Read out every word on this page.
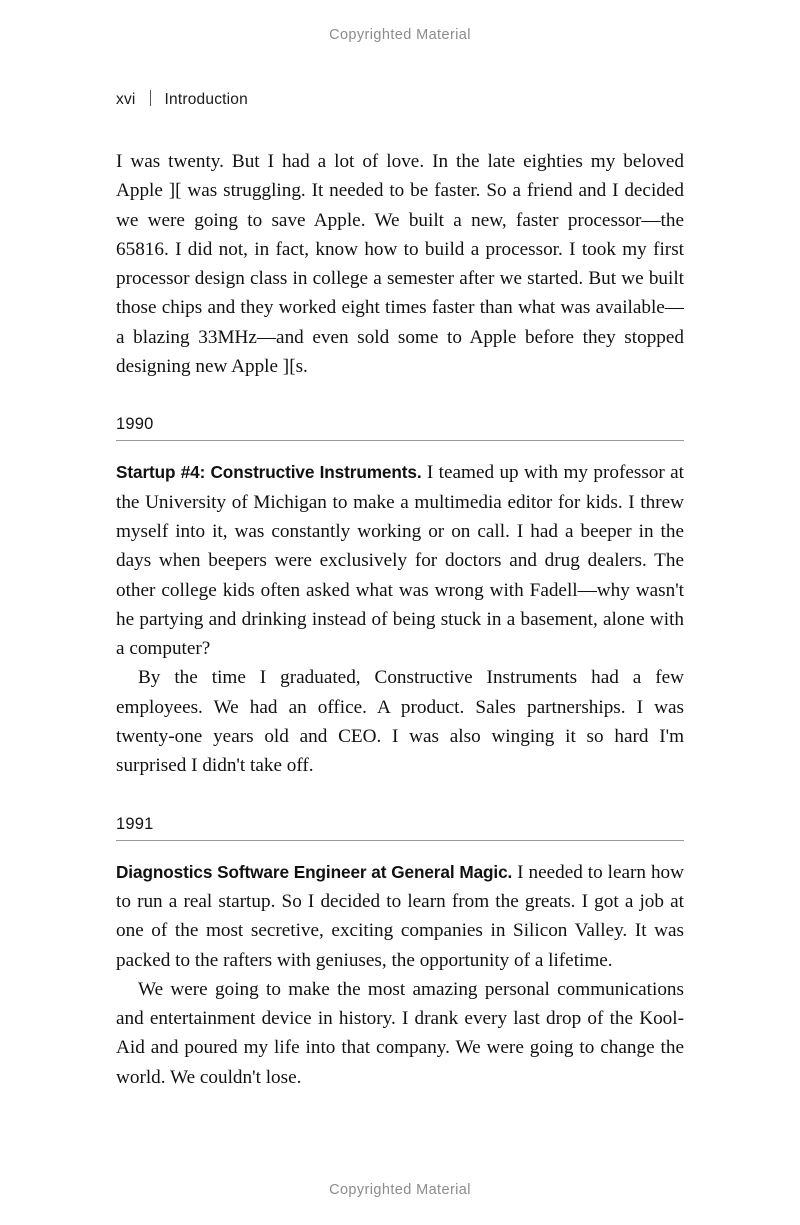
Copyrighted Material
xvi Introduction

I was twenty. But I had a lot of love. In the late eighties my beloved Apple ][ was struggling. It needed to be faster. So a friend and I decided we were going to save Apple. We built a new, faster processor—the 65816. I did not, in fact, know how to build a processor. I took my first processor design class in college a semester after we started. But we built those chips and they worked eight times faster than what was available—a blazing 33MHz—and even sold some to Apple before they stopped designing new Apple ][s.

1990

Startup #4: Constructive Instruments. I teamed up with my professor at the University of Michigan to make a multimedia editor for kids. I threw myself into it, was constantly working or on call. I had a beeper in the days when beepers were exclusively for doctors and drug dealers. The other college kids often asked what was wrong with Fadell—why wasn't he partying and drinking instead of being stuck in a basement, alone with a computer?

By the time I graduated, Constructive Instruments had a few employees. We had an office. A product. Sales partnerships. I was twenty-one years old and CEO. I was also winging it so hard I'm surprised I didn't take off.

1991

Diagnostics Software Engineer at General Magic. I needed to learn how to run a real startup. So I decided to learn from the greats. I got a job at one of the most secretive, exciting companies in Silicon Valley. It was packed to the rafters with geniuses, the opportunity of a lifetime.

We were going to make the most amazing personal communications and entertainment device in history. I drank every last drop of the Kool-Aid and poured my life into that company. We were going to change the world. We couldn't lose.

Copyrighted Material
